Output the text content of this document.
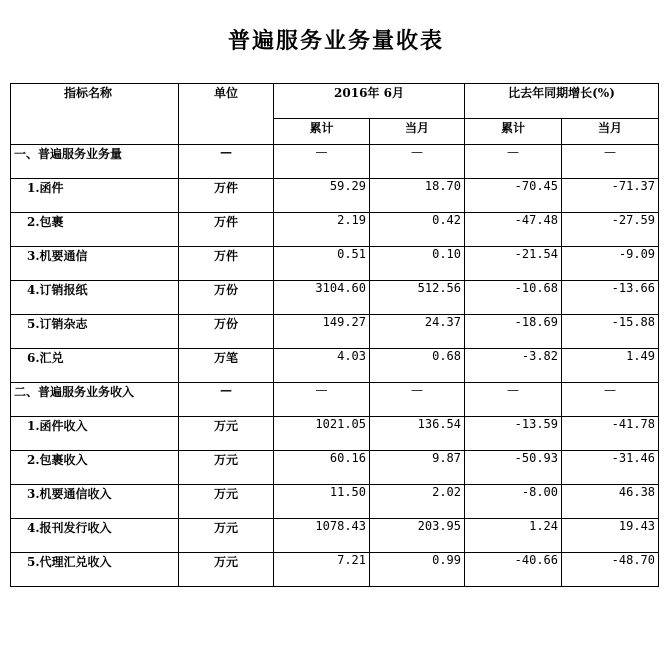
普遍服务业务量收表
指标名称	单位	2016年 6月		比去年同期增长(%)	
		累计	当月	累计	当月
一、普遍服务业务量	—	—	—	—	—
1.函件	万件	59.29	18.70	-70.45	-71.37
2.包裹	万件	2.19	0.42	-47.48	-27.59
3.机要通信	万件	0.51	0.10	-21.54	-9.09
4.订销报纸	万份	3104.60	512.56	-10.68	-13.66
5.订销杂志	万份	149.27	24.37	-18.69	-15.88
6.汇兑	万笔	4.03	0.68	-3.82	1.49
二、普遍服务业务收入	—	—	—	—	—
1.函件收入	万元	1021.05	136.54	-13.59	-41.78
2.包裹收入	万元	60.16	9.87	-50.93	-31.46
3.机要通信收入	万元	11.50	2.02	-8.00	46.38
4.报刊发行收入	万元	1078.43	203.95	1.24	19.43
5.代理汇兑收入	万元	7.21	0.99	-40.66	-48.70
